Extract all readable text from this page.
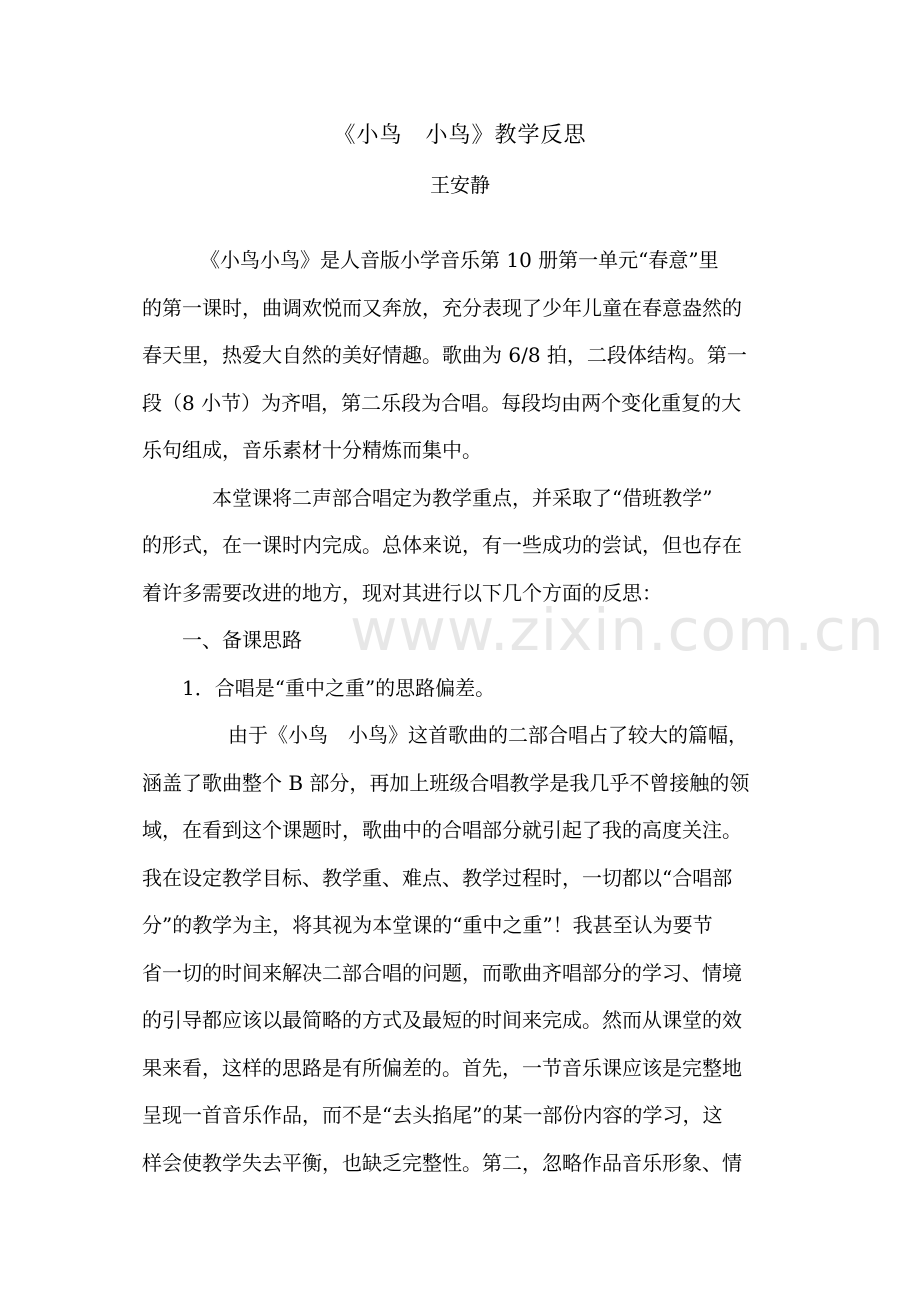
《小鸟　小鸟》教学反思
王安静
《小鸟小鸟》是人音版小学音乐第 10 册第一单元“春意”里
的第一课时，曲调欢悦而又奔放，充分表现了少年儿童在春意盎然的
春天里，热爱大自然的美好情趣。歌曲为 6/8 拍，二段体结构。第一
段（8 小节）为齐唱，第二乐段为合唱。每段均由两个变化重复的大
乐句组成，音乐素材十分精炼而集中。
本堂课将二声部合唱定为教学重点，并采取了“借班教学”
的形式，在一课时内完成。总体来说，有一些成功的尝试，但也存在
着许多需要改进的地方，现对其进行以下几个方面的反思：
一、备课思路
1．合唱是“重中之重”的思路偏差。
由于《小鸟　小鸟》这首歌曲的二部合唱占了较大的篇幅，
涵盖了歌曲整个 B 部分，再加上班级合唱教学是我几乎不曾接触的领
域，在看到这个课题时，歌曲中的合唱部分就引起了我的高度关注。
我在设定教学目标、教学重、难点、教学过程时，一切都以“合唱部
分”的教学为主，将其视为本堂课的“重中之重”！我甚至认为要节
省一切的时间来解决二部合唱的问题，而歌曲齐唱部分的学习、情境
的引导都应该以最简略的方式及最短的时间来完成。然而从课堂的效
果来看，这样的思路是有所偏差的。首先，一节音乐课应该是完整地
呈现一首音乐作品，而不是“去头掐尾”的某一部份内容的学习，这
样会使教学失去平衡，也缺乏完整性。第二，忽略作品音乐形象、情
www.zixin.com.cn
